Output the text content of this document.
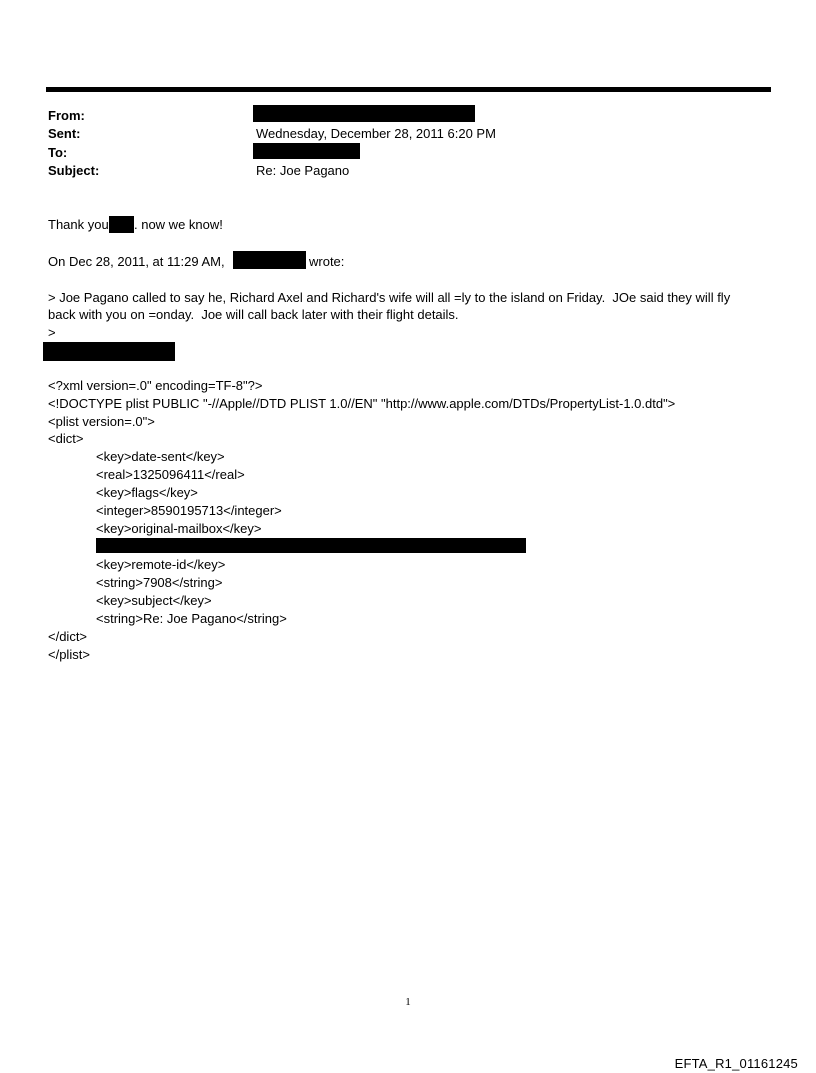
From:
Sent:	Wednesday, December 28, 2011 6:20 PM
To:
Subject:	Re: Joe Pagano
Thank you . now we know!
On Dec 28, 2011, at 11:29 AM,	wrote:
> Joe Pagano called to say he, Richard Axel and Richard's wife will all =ly to the island on Friday.  JOe said they will fly
back with you on =onday.  Joe will call back later with their flight details.
>
<?xml version=.0" encoding=TF-8"?>
<!DOCTYPE plist PUBLIC "-//Apple//DTD PLIST 1.0//EN" "http://www.apple.com/DTDs/PropertyList-1.0.dtd">
<plist version=.0">
<dict>
<key>date-sent</key>
<real>1325096411</real>
<key>flags</key>
<integer>8590195713</integer>
<key>original-mailbox</key>
<key>remote-id</key>
<string>7908</string>
<key>subject</key>
<string>Re: Joe Pagano</string>
</dict>
</plist>
1
EFTA_R1_01161245
